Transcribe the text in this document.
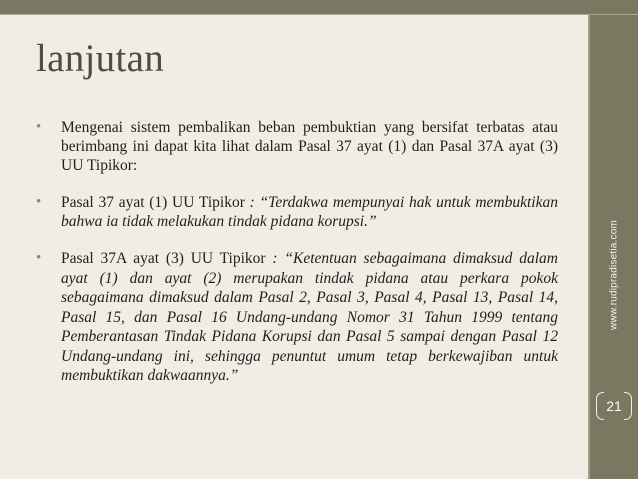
www.rudipradisetia.com
21
lanjutan
• Mengenai sistem pembalikan beban pembuktian yang bersifat terbatas atau berimbang ini dapat kita lihat dalam Pasal 37 ayat (1) dan Pasal 37A ayat (3) UU Tipikor:
• Pasal 37 ayat (1) UU Tipikor : “Terdakwa mempunyai hak untuk membuktikan bahwa ia tidak melakukan tindak pidana korupsi.”
• Pasal 37A ayat (3) UU Tipikor : “Ketentuan sebagaimana dimaksud dalam ayat (1) dan ayat (2) merupakan tindak pidana atau perkara pokok sebagaimana dimaksud dalam Pasal 2, Pasal 3, Pasal 4, Pasal 13, Pasal 14, Pasal 15, dan Pasal 16 Undang-undang Nomor 31 Tahun 1999 tentang Pemberantasan Tindak Pidana Korupsi dan Pasal 5 sampai dengan Pasal 12 Undang-undang ini, sehingga penuntut umum tetap berkewajiban untuk membuktikan dakwaannya.”
